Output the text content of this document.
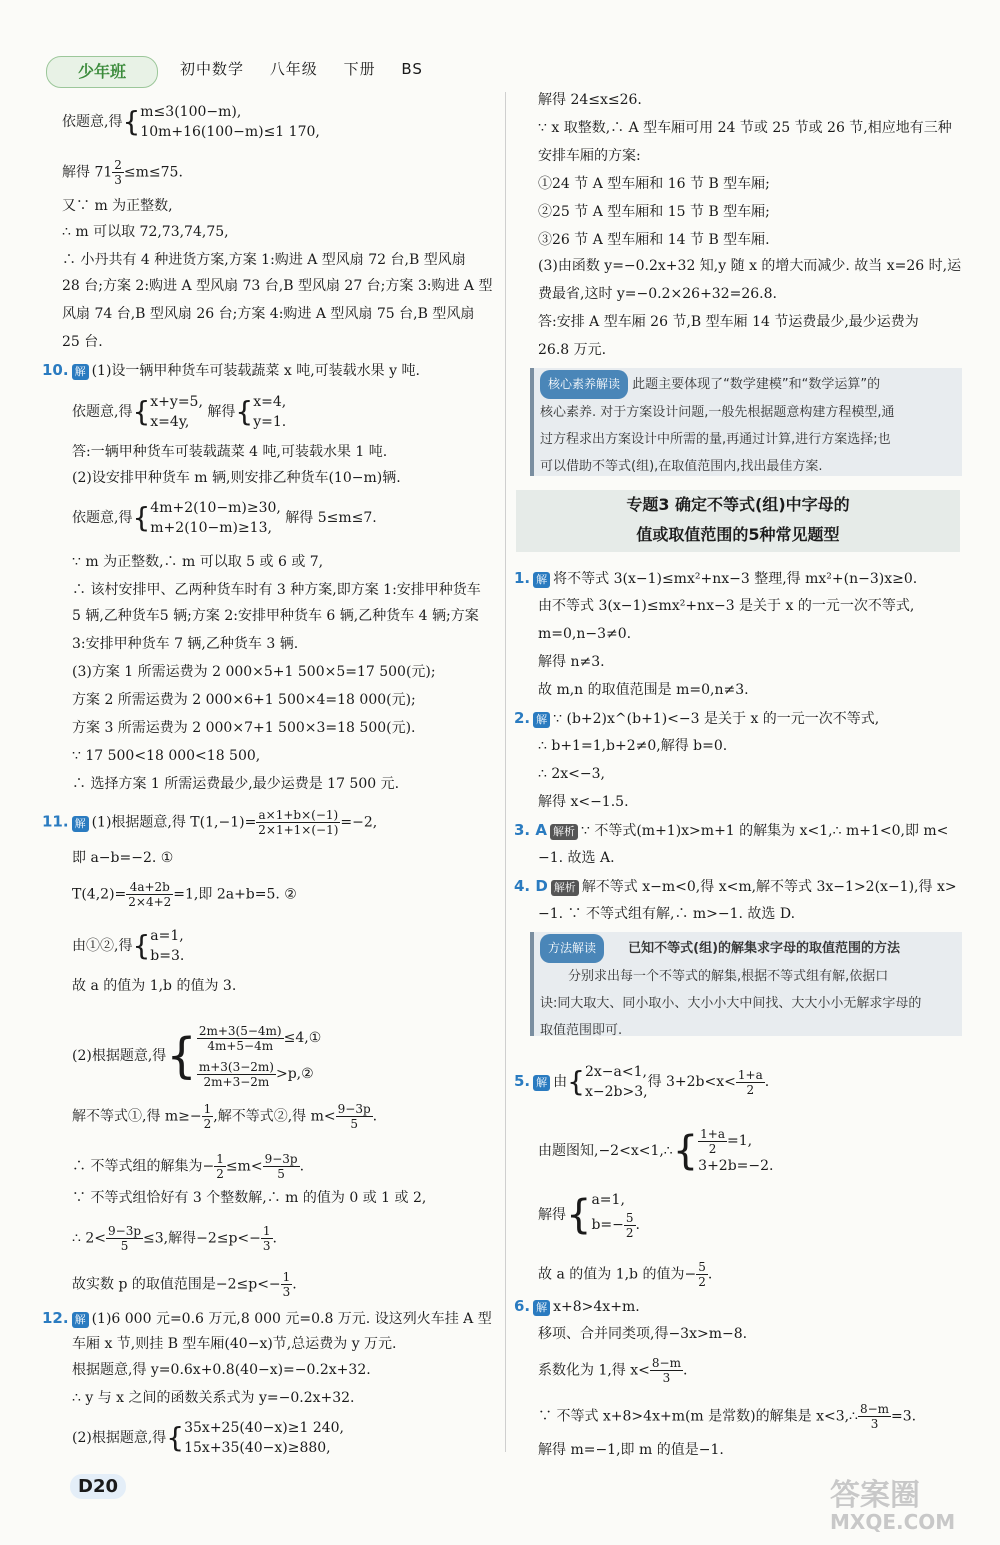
少年班	初中数学 八年级 下册 BS
依题意,得{ m≤3(100−m),
10m+16(100−m)≤1 170,
解得 $71 \frac{2}{3} \le m\le 75$.
又∵ m 为正整数,
∴ m 可以取 72,73,74,75,
∴ 小丹共有 4 种进货方案,方案 1:购进 A 型风扇 72 台,B 型风扇
28 台;方案 2:购进 A 型风扇 73 台,B 型风扇 27 台;方案 3:购进 A 型
风扇 74 台,B 型风扇 26 台;方案 4:购进 A 型风扇 75 台,B 型风扇
25 台.
10. 解 (1)设一辆甲种货车可装载蔬菜 x 吨,可装载水果 y 吨.
依题意,得{ x+y=5,
x=4y,
解得{ x=4,
y=1.
答:一辆甲种货车可装载蔬菜 4 吨,可装载水果 1 吨.
(2)设安排甲种货车 m 辆,则安排乙种货车(10−m)辆.
依题意,得{ 4m+2(10−m)≥30,
m+2(10−m)≥13,
解得 5≤m≤7.
∵ m 为正整数,∴ m 可以取 5 或 6 或 7,
∴ 该村安排甲、乙两种货车时有 3 种方案,即方案 1:安排甲种货车
5 辆,乙种货车5 辆;方案 2:安排甲种货车 6 辆,乙种货车 4 辆;方案
3:安排甲种货车 7 辆,乙种货车 3 辆.
(3)方案 1 所需运费为 2 000×5+1 500×5=17 500(元);
方案 2 所需运费为 2 000×6+1 500×4=18 000(元);
方案 3 所需运费为 2 000×7+1 500×3=18 500(元).
∵ 17 500<18 000<18 500,
∴ 选择方案 1 所需运费最少,最少运费是 17 500 元.
11. 解 (1)根据题意,得 $T(1,-1)= \frac{a\times 1+b\times(-1)}{2\times 1+1\times(-1)} =-2$,
即 a−b=−2. ①
$T(4,2)= \frac{4a+2b}{2\times 4+2} =1$,即 2a+b=5. ②
由①②,得{ a=1,
b=3.
故 a 的值为 1,b 的值为 3.
(2)根据题意,得{ $\frac{2m+3(5-4m)}{4m+5-4m}$ ≤4,①
$\frac{m+3(3-2m)}{2m+3-2m}$ >p,②
解不等式①,得 $m\ge- \frac{1}{2}$ ,解不等式②,得 $m< \frac{9-3p}{5}$ .
∴ 不等式组的解集为− $\frac{1}{2} \le m< \frac{9-3p}{5}$ .
∵ 不等式组恰好有 3 个整数解,∴ m 的值为 0 或 1 或 2,
∴ $2< \frac{9-3p}{5} \le 3$,解得$-2\le p<- \frac{1}{3}$ .
故实数 p 的取值范围是$-2\le p<- \frac{1}{3}$ .
12. 解 (1)6 000 元=0.6 万元,8 000 元=0.8 万元. 设这列火车挂 A 型
车厢 x 节,则挂 B 型车厢(40−x)节,总运费为 y 万元.
根据题意,得 y=0.6x+0.8(40−x)=−0.2x+32.
∴ y 与 x 之间的函数关系式为 y=−0.2x+32.
(2)根据题意,得{ 35x+25(40−x)≥1 240,
15x+35(40−x)≥880,
解得 24≤x≤26.
∵ x 取整数,∴ A 型车厢可用 24 节或 25 节或 26 节,相应地有三种
安排车厢的方案:
①24 节 A 型车厢和 16 节 B 型车厢;
②25 节 A 型车厢和 15 节 B 型车厢;
③26 节 A 型车厢和 14 节 B 型车厢.
(3)由函数 y=−0.2x+32 知,y 随 x 的增大而减少. 故当 x=26 时,运
费最省,这时 y=−0.2×26+32=26.8.
答:安排 A 型车厢 26 节,B 型车厢 14 节运费最少,最少运费为
26.8 万元.
核心素养解读 此题主要体现了“数学建模”和“数学运算”的
核心素养. 对于方案设计问题,一般先根据题意构建方程模型,通
过方程求出方案设计中所需的量,再通过计算,进行方案选择;也
可以借助不等式(组),在取值范围内,找出最佳方案.
专题3 确定不等式(组)中字母的
值或取值范围的5种常见题型
1. 解 将不等式 3(x−1)≤mx²+nx−3 整理,得 mx²+(n−3)x≥0.
由不等式 3(x−1)≤mx²+nx−3 是关于 x 的一元一次不等式,
m=0,n−3≠0.
解得 n≠3.
故 m,n 的取值范围是 m=0,n≠3.
2. 解 ∵ (b+2)x^(b+1)<−3 是关于 x 的一元一次不等式,
∴ b+1=1,b+2≠0,解得 b=0.
∴ 2x<−3,
解得 x<−1.5.
3. A 解析 ∵ 不等式(m+1)x>m+1 的解集为 x<1,∴ m+1<0,即 m<
−1. 故选 A.
4. D 解析 解不等式 x−m<0,得 x<m,解不等式 3x−1>2(x−1),得 x>
−1. ∵ 不等式组有解,∴ m>−1. 故选 D.
方法解读 已知不等式(组)的解集求字母的取值范围的方法
分别求出每一个不等式的解集,根据不等式组有解,依据口
诀:同大取大、同小取小、大小小大中间找、大大小小无解求字母的
取值范围即可.
5. 解 由{ 2x−a<1,
x−2b>3,
得 $3+2b<x< \frac{1+a}{2}$ .
由题图知,−2<x<1,∴{ $\frac{1+a}{2} =1$,
3+2b=−2.
解得{ a=1,
$b=- \frac{5}{2}$ .
故 a 的值为 1,b 的值为− $\frac{5}{2}$ .
6. 解 x+8>4x+m.
移项、合并同类项,得−3x>m−8.
系数化为 1,得 $x< \frac{8-m}{3}$ .
∵ 不等式 x+8>4x+m(m 是常数)的解集是 x<3,∴ $\frac{8-m}{3} =3$.
解得 m=−1,即 m 的值是−1.
D20	答案圈
MXQE.COM
